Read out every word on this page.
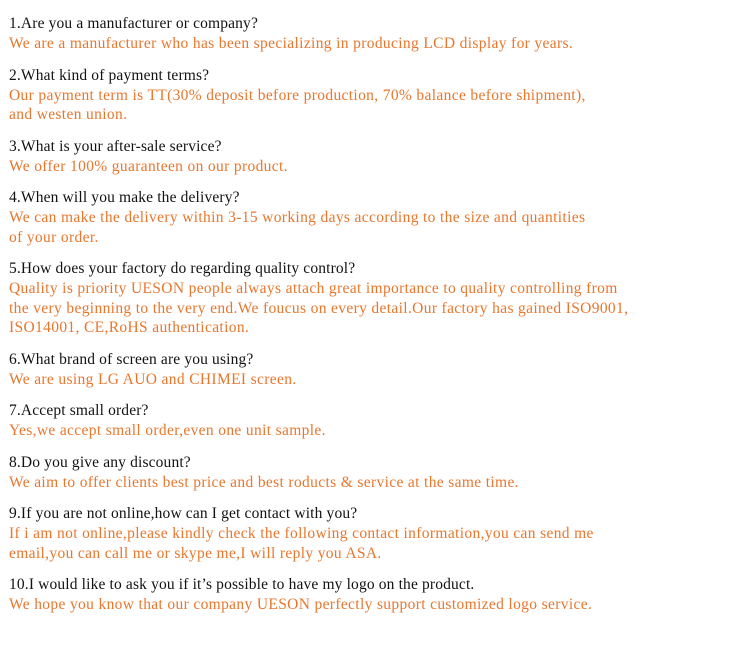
1.Are you a manufacturer or company?
We are a manufacturer who has been specializing in producing LCD display for years.
2.What kind of payment terms?
Our payment term is TT(30% deposit before production, 70% balance before shipment),
and westen union.
3.What is your after-sale service?
We offer 100% guaranteen on our product.
4.When will you make the delivery?
We can make the delivery within 3-15 working days according to the size and quantities
of your order.
5.How does your factory do regarding quality control?
Quality is priority UESON people always attach great importance to quality controlling from
the very beginning to the very end.We foucus on every detail.Our factory has gained ISO9001,
ISO14001, CE,RoHS authentication.
6.What brand of screen are you using?
We are using LG AUO and CHIMEI screen.
7.Accept small order?
Yes,we accept small order,even one unit sample.
8.Do you give any discount?
We aim to offer clients best price and best roducts & service at the same time.
9.If you are not online,how can I get contact with you?
If i am not online,please kindly check the following contact information,you can send me
email,you can call me or skype me,I will reply you ASA.
10.I would like to ask you if it’s possible to have my logo on the product.
We hope you know that our company UESON perfectly support customized logo service.
